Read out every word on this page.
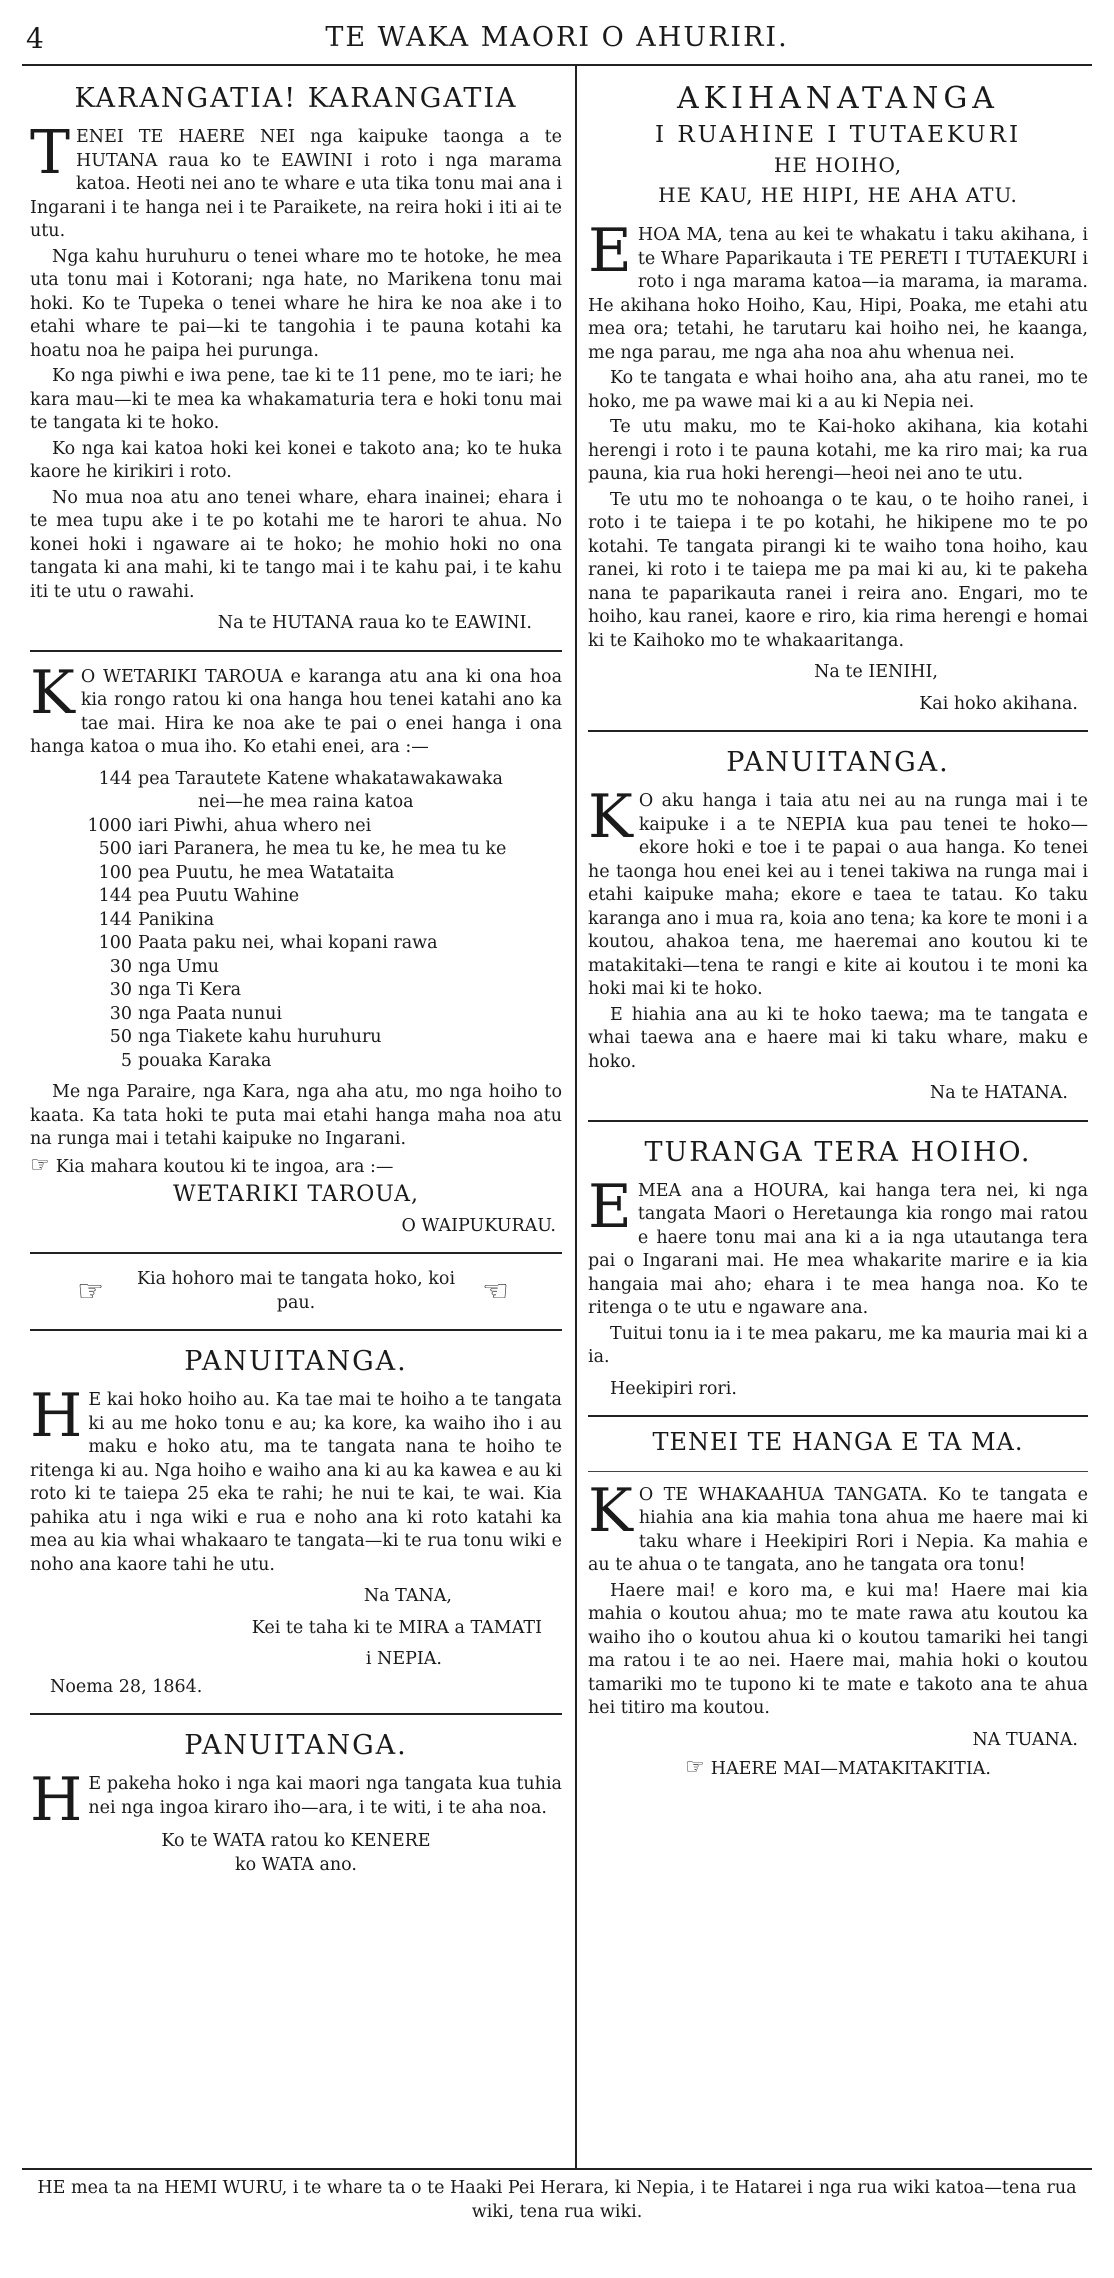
4	TE WAKA MAORI O AHURIRI.
KARANGATIA! KARANGATIA

TENEI TE HAERE NEI nga kaipuke taonga a te HUTANA raua ko te EAWINI i roto i nga marama katoa. Heoti nei ano te whare e uta tika tonu mai ana i Ingarani i te hanga nei i te Paraikete, na reira hoki i iti ai te utu.

Nga kahu huruhuru o tenei whare mo te hotoke, he mea uta tonu mai i Kotorani; nga hate, no Marikena tonu mai hoki. Ko te Tupeka o tenei whare he hira ke noa ake i to etahi whare te pai—ki te tangohia i te pauna kotahi ka hoatu noa he paipa hei purunga.

Ko nga piwhi e iwa pene, tae ki te 11 pene, mo te iari; he kara mau—ki te mea ka whakamaturia tera e hoki tonu mai te tangata ki te hoko.

Ko nga kai katoa hoki kei konei e takoto ana; ko te huka kaore he kirikiri i roto.

No mua noa atu ano tenei whare, ehara inainei; ehara i te mea tupu ake i te po kotahi me te harori te ahua. No konei hoki i ngaware ai te hoko; he mohio hoki no ona tangata ki ana mahi, ki te tango mai i te kahu pai, i te kahu iti te utu o rawahi.

Na te HUTANA raua ko te EAWINI.

K O WETARIKI TAROUA e karanga atu ana ki ona hoa kia rongo ratou ki ona hanga hou tenei katahi ano ka tae mai. Hira ke noa ake te pai o enei hanga i ona hanga katoa o mua iho. Ko etahi enei, ara :—

144 pea Tarautete Katene whakatawakawaka
nei—he mea raina katoa
1000 iari Piwhi, ahua whero nei
500 iari Paranera, he mea tu ke, he mea tu ke
100 pea Puutu, he mea Watataita
144 pea Puutu Wahine
144 Panikina
100 Paata paku nei, whai kopani rawa
30 nga Umu
30 nga Ti Kera
30 nga Paata nunui
50 nga Tiakete kahu huruhuru
5 pouaka Karaka

Me nga Paraire, nga Kara, nga aha atu, mo nga hoiho to kaata. Ka tata hoki te puta mai etahi hanga maha noa atu na runga mai i tetahi kaipuke no Ingarani.

☞ Kia mahara koutou ki te ingoa, ara :—

WETARIKI TAROUA,
O WAIPUKURAU.
☞	Kia hohoro mai te tangata hoko, koi pau.	☜
PANUITANGA.

H E kai hoko hoiho au. Ka tae mai te hoiho a te tangata ki au me hoko tonu e au; ka kore, ka waiho iho i au maku e hoko atu, ma te tangata nana te hoiho te ritenga ki au. Nga hoiho e waiho ana ki au ka kawea e au ki roto ki te taiepa 25 eka te rahi; he nui te kai, te wai. Kia pahika atu i nga wiki e rua e noho ana ki roto katahi ka mea au kia whai whakaaro te tangata—ki te rua tonu wiki e noho ana kaore tahi he utu.

Na TANA,
Kei te taha ki te MIRA a TAMATI
i NEPIA.
Noema 28, 1864.
PANUITANGA.

H E pakeha hoko i nga kai maori nga tangata kua tuhia nei nga ingoa kiraro iho—ara, i te witi, i te aha noa.

Ko te WATA ratou ko KENERE
ko WATA ano.
AKIHANATANGA
I RUAHINE I TUTAEKURI
HE HOIHO,
HE KAU, HE HIPI, HE AHA ATU.

EHOA MA, tena au kei te whakatu i taku akihana, i te Whare Paparikauta i TE PERETI I TUTAEKURI i roto i nga marama katoa—ia marama, ia marama. He akihana hoko Hoiho, Kau, Hipi, Poaka, me etahi atu mea ora; tetahi, he tarutaru kai hoiho nei, he kaanga, me nga parau, me nga aha noa ahu whenua nei.

Ko te tangata e whai hoiho ana, aha atu ranei, mo te hoko, me pa wawe mai ki a au ki Nepia nei.

Te utu maku, mo te Kai-hoko akihana, kia kotahi herengi i roto i te pauna kotahi, me ka riro mai; ka rua pauna, kia rua hoki herengi—heoi nei ano te utu.

Te utu mo te nohoanga o te kau, o te hoiho ranei, i roto i te taiepa i te po kotahi, he hikipene mo te po kotahi. Te tangata pirangi ki te waiho tona hoiho, kau ranei, ki roto i te taiepa me pa mai ki au, ki te pakeha nana te paparikauta ranei i reira ano. Engari, mo te hoiho, kau ranei, kaore e riro, kia rima herengi e homai ki te Kaihoko mo te whakaaritanga.

Na te IENIHI,
Kai hoko akihana.
PANUITANGA.

K O aku hanga i taia atu nei au na runga mai i te kaipuke i a te NEPIA kua pau tenei te hoko—ekore hoki e toe i te papai o aua hanga. Ko tenei he taonga hou enei kei au i tenei takiwa na runga mai i etahi kaipuke maha; ekore e taea te tatau. Ko taku karanga ano i mua ra, koia ano tena; ka kore te moni i a koutou, ahakoa tena, me haeremai ano koutou ki te matakitaki—tena te rangi e kite ai koutou i te moni ka hoki mai ki te hoko.

E hiahia ana au ki te hoko taewa; ma te tangata e whai taewa ana e haere mai ki taku whare, maku e hoko.

Na te HATANA.
TURANGA TERA HOIHO.

EMEA ana a HOURA, kai hanga tera nei, ki nga tangata Maori o Heretaunga kia rongo mai ratou e haere tonu mai ana ki a ia nga utautanga tera pai o Ingarani mai. He mea whakarite marire e ia kia hangaia mai aho; ehara i te mea hanga noa. Ko te ritenga o te utu e ngaware ana.

Tuitui tonu ia i te mea pakaru, me ka mauria mai ki a ia.

Heekipiri rori.
TENEI TE HANGA E TA MA.

K O TE WHAKAAHUA TANGATA. Ko te tangata e hiahia ana kia mahia tona ahua me haere mai ki taku whare i Heekipiri Rori i Nepia. Ka mahia e au te ahua o te tangata, ano he tangata ora tonu!

Haere mai! e koro ma, e kui ma! Haere mai kia mahia o koutou ahua; mo te mate rawa atu koutou ka waiho iho o koutou ahua ki o koutou tamariki hei tangi ma ratou i te ao nei. Haere mai, mahia hoki o koutou tamariki mo te tupono ki te mate e takoto ana te ahua hei titiro ma koutou.

NA TUANA.
☞ HAERE MAI—MATAKITAKITIA.
HE mea ta na HEMI WURU, i te whare ta o te Haaki Pei Herara, ki Nepia, i te Hatarei i nga rua wiki katoa—tena rua wiki, tena rua wiki.
